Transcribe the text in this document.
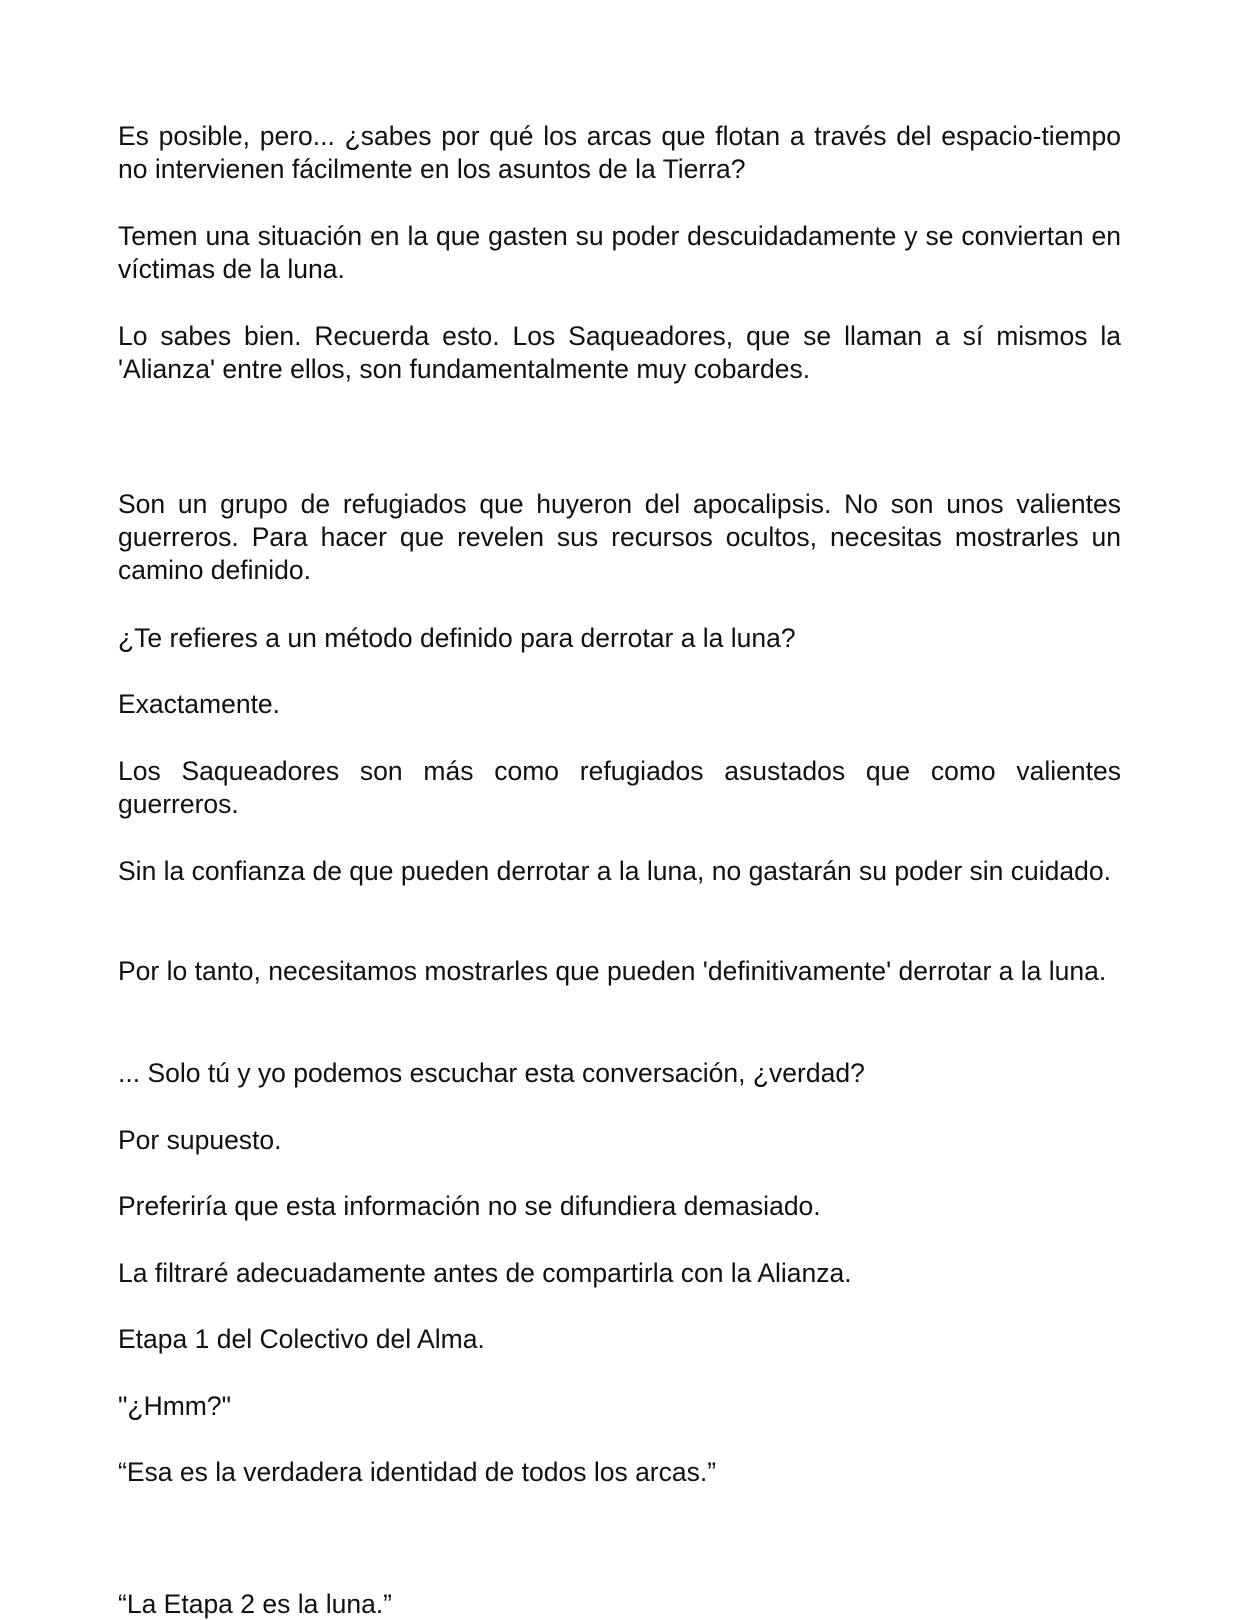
Es posible, pero... ¿sabes por qué los arcas que flotan a través del espacio-tiempo no intervienen fácilmente en los asuntos de la Tierra?

Temen una situación en la que gasten su poder descuidadamente y se conviertan en víctimas de la luna.

Lo sabes bien. Recuerda esto. Los Saqueadores, que se llaman a sí mismos la 'Alianza' entre ellos, son fundamentalmente muy cobardes.

Son un grupo de refugiados que huyeron del apocalipsis. No son unos valientes guerreros. Para hacer que revelen sus recursos ocultos, necesitas mostrarles un camino definido.

¿Te refieres a un método definido para derrotar a la luna?

Exactamente.

Los Saqueadores son más como refugiados asustados que como valientes guerreros.

Sin la confianza de que pueden derrotar a la luna, no gastarán su poder sin cuidado.

Por lo tanto, necesitamos mostrarles que pueden 'definitivamente' derrotar a la luna.

... Solo tú y yo podemos escuchar esta conversación, ¿verdad?

Por supuesto.

Preferiría que esta información no se difundiera demasiado.

La filtraré adecuadamente antes de compartirla con la Alianza.

Etapa 1 del Colectivo del Alma.

"¿Hmm?"

“Esa es la verdadera identidad de todos los arcas.”

“La Etapa 2 es la luna.”
